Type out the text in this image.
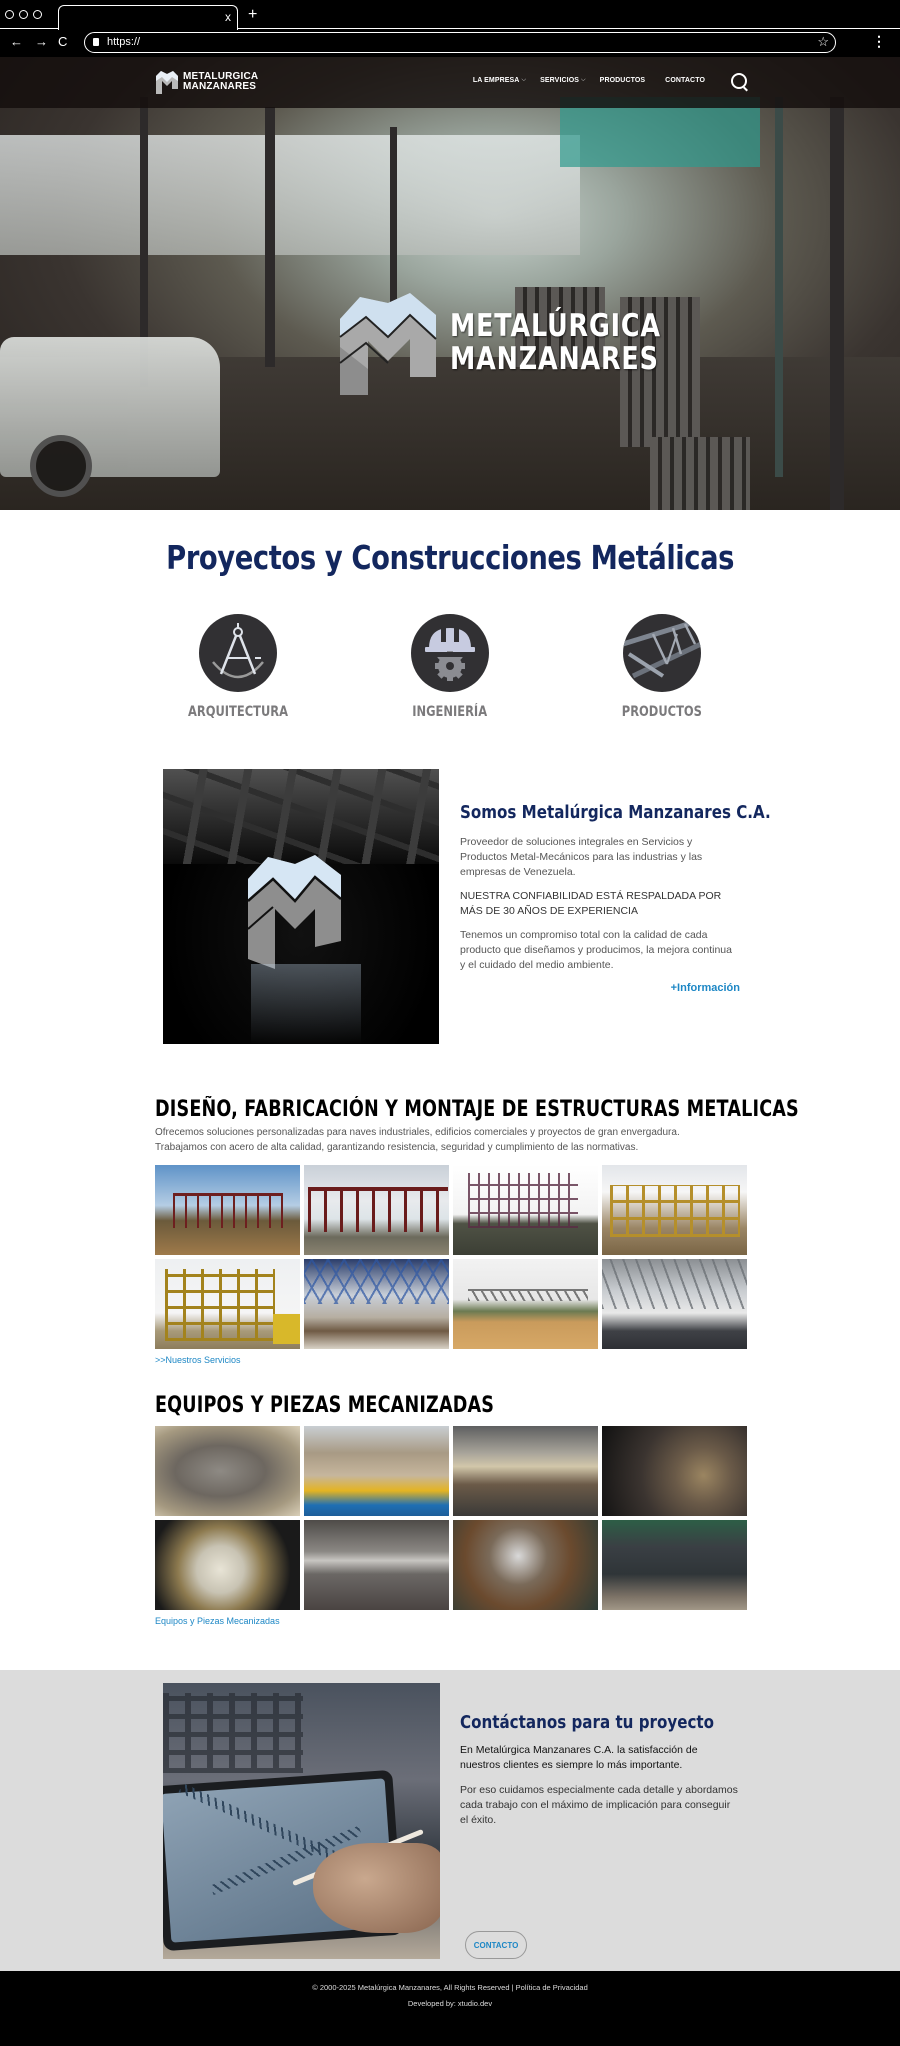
x +
← → C	https://	☆	⋮
METALURGICA
MANZANARES
LA EMPRESA ⌵ SERVICIOS ⌵ PRODUCTOS	CONTACTO
METALÚRGICA
MANZANARES
Proyectos y Construcciones Metálicas
ARQUITECTURA	INGENIERÍA	PRODUCTOS
Somos Metalúrgica Manzanares C.A.

Proveedor de soluciones integrales en Servicios y Productos Metal-Mecánicos para las industrias y las empresas de Venezuela.

NUESTRA CONFIABILIDAD ESTÁ RESPALDADA POR MÁS DE 30 AÑOS DE EXPERIENCIA

Tenemos un compromiso total con la calidad de cada producto que diseñamos y producimos, la mejora continua y el cuidado del medio ambiente.

+Información
DISEÑO, FABRICACIÓN Y MONTAJE DE ESTRUCTURAS METALICAS

Ofrecemos soluciones personalizadas para naves industriales, edificios comerciales y proyectos de gran envergadura.

Trabajamos con acero de alta calidad, garantizando resistencia, seguridad y cumplimiento de las normativas.

>>Nuestros Servicios
EQUIPOS Y PIEZAS MECANIZADAS
Equipos y Piezas Mecanizadas
Contáctanos para tu proyecto

En Metalúrgica Manzanares C.A. la satisfacción de nuestros clientes es siempre lo más importante.

Por eso cuidamos especialmente cada detalle y abordamos cada trabajo con el máximo de implicación para conseguir el éxito.

CONTACTO
© 2000-2025 Metalúrgica Manzanares, All Rights Reserved | Política de Privacidad
Developed by: xtudio.dev
